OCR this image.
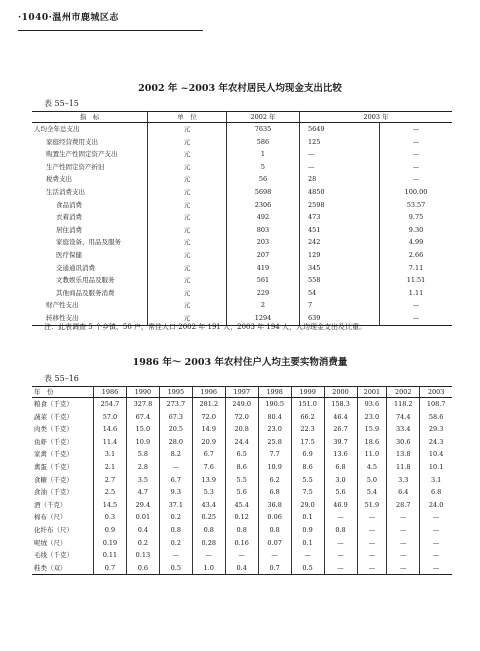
·1040·温州市鹿城区志
2002 年 ~2003 年农村居民人均现金支出比较
表 55–15
指　标	单　位	2002 年	2003 年	
人均全年总支出	元	7635	5649	—
家庭经营费用支出	元	586	125	—
购置生产性固定资产支出	元	1	—	—
生产性固定资产折旧	元	5	—	—
税费支出	元	56	28	—
生活消费支出	元	5698	4850	100.00
食品消费	元	2306	2598	53.57
衣着消费	元	492	473	9.75
居住消费	元	803	451	9.30
家庭设备、用品及服务	元	203	242	4.99
医疗保健	元	207	129	2.66
交通通讯消费	元	419	345	7.11
文教娱乐用品及服务	元	561	558	11.51
其他商品及服务消费	元	229	54	1.11
财产性支出	元	2	7	—
转移性支出	元	1294	639	—
注：此表调查 5 个乡镇、50 户，常住人口 2002 年 191 人，2003 年 194 人，人均现金支出及比重。
1986 年～ 2003 年农村住户人均主要实物消费量
表 55–16
年　份	1986	1990	1995	1996	1997	1998	1999	2000	2001	2002	2003
粮食（千克）	254.7	327.8	273.7	281.2	249.0	190.5	151.0	158.3	93.6	118.2	108.7
蔬菜（千克）	57.0	67.4	67.3	72.0	72.0	80.4	66.2	46.4	23.0	74.4	58.6
肉类（千克）	14.6	15.0	20.5	14.9	20.8	23.0	22.3	26.7	15.9	33.4	29.3
鱼虾（千克）	11.4	10.9	28.0	20.9	24.4	25.8	17.5	39.7	18.6	30.6	24.3
家禽（千克）	3.1	5.8	8.2	6.7	6.5	7.7	6.9	13.6	11.0	13.8	10.4
禽蛋（千克）	2.1	2.8	—	7.6	8.6	10.9	8.6	6.8	4.5	11.8	10.1
食糖（千克）	2.7	3.5	6.7	13.9	5.5	6.2	5.5	3.0	5.0	3.3	3.1
食油（千克）	2.5	4.7	9.3	5.3	5.6	6.8	7.5	5.6	5.4	6.4	6.8
酒（千克）	14.5	29.4	37.1	43.4	45.4	36.8	29.0	46.9	51.9	28.7	24.0
棉布（尺）	0.3	0.01	0.2	0.25	0.12	0.06	0.1	—	—	—	—
化纤布（尺）	0.9	0.4	0.8	0.8	0.8	0.8	0.9	0.8	—	—	—
呢绒（尺）	0.19	0.2	0.2	0.28	0.16	0.07	0.1	—	—	—	—
毛线（千克）	0.11	0.13	—	—	—	—	—	—	—	—	—
鞋类（双）	0.7	0.6	0.5	1.0	0.4	0.7	0.5	—	—	—	—
